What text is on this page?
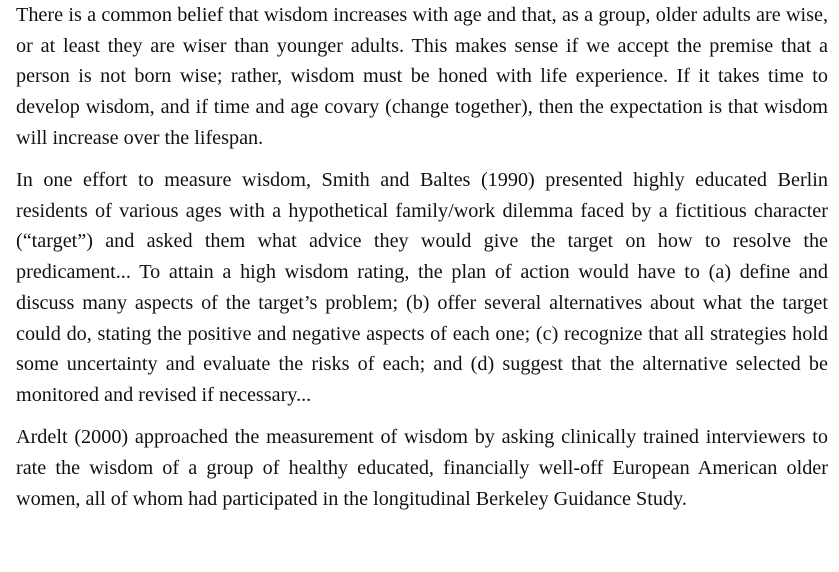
There is a common belief that wisdom increases with age and that, as a group, older adults are wise, or at least they are wiser than younger adults. This makes sense if we accept the premise that a person is not born wise; rather, wisdom must be honed with life experience. If it takes time to develop wisdom, and if time and age covary (change together), then the expectation is that wisdom will increase over the lifespan.

In one effort to measure wisdom, Smith and Baltes (1990) presented highly educated Berlin residents of various ages with a hypothetical family/work dilemma faced by a fictitious character (“target”) and asked them what advice they would give the target on how to resolve the predicament... To attain a high wisdom rating, the plan of action would have to (a) define and discuss many aspects of the target’s problem; (b) offer several alternatives about what the target could do, stating the positive and negative aspects of each one; (c) recognize that all strategies hold some uncertainty and evaluate the risks of each; and (d) suggest that the alternative selected be monitored and revised if necessary...

Ardelt (2000) approached the measurement of wisdom by asking clinically trained interviewers to rate the wisdom of a group of healthy educated, financially well-off European American older women, all of whom had participated in the longitudinal Berkeley Guidance Study.
